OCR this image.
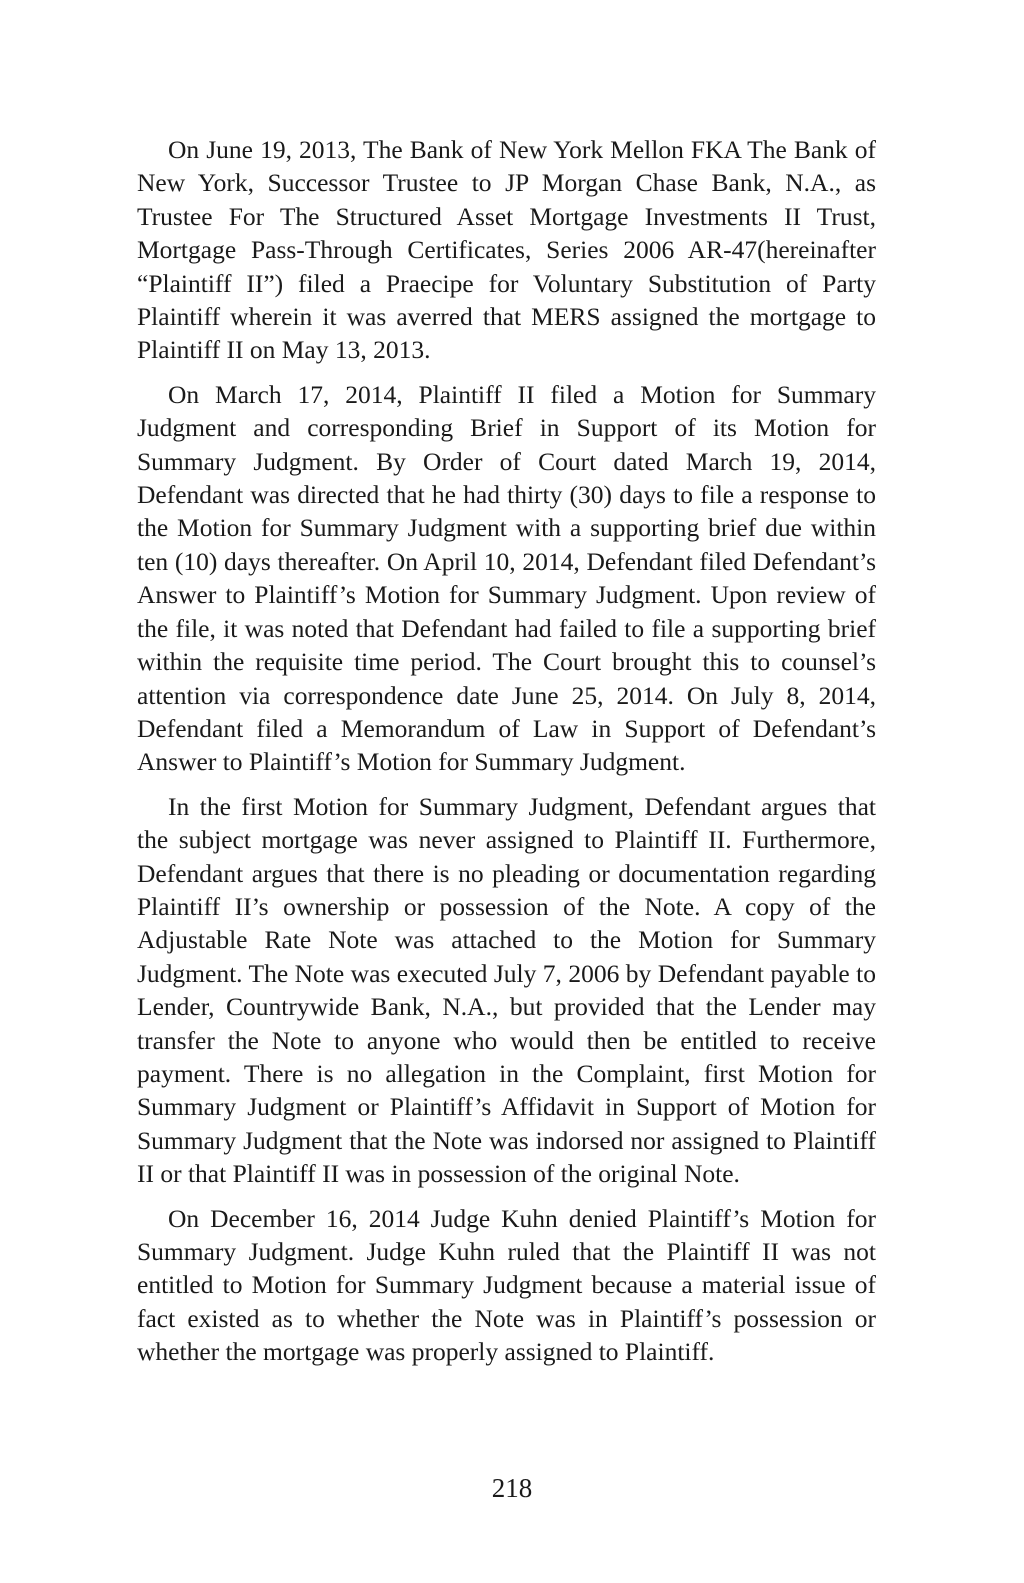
On June 19, 2013, The Bank of New York Mellon FKA The Bank of New York, Successor Trustee to JP Morgan Chase Bank, N.A., as Trustee For The Structured Asset Mortgage Investments II Trust, Mortgage Pass-Through Certificates, Series 2006 AR-47(hereinafter “Plaintiff II”) filed a Praecipe for Voluntary Substitution of Party Plaintiff wherein it was averred that MERS assigned the mortgage to Plaintiff II on May 13, 2013.

On March 17, 2014, Plaintiff II filed a Motion for Summary Judgment and corresponding Brief in Support of its Motion for Summary Judgment. By Order of Court dated March 19, 2014, Defendant was directed that he had thirty (30) days to file a response to the Motion for Summary Judgment with a supporting brief due within ten (10) days thereafter. On April 10, 2014, Defendant filed Defendant’s Answer to Plaintiff’s Motion for Summary Judgment. Upon review of the file, it was noted that Defendant had failed to file a supporting brief within the requisite time period. The Court brought this to counsel’s attention via correspondence date June 25, 2014. On July 8, 2014, Defendant filed a Memorandum of Law in Support of Defendant’s Answer to Plaintiff’s Motion for Summary Judgment.

In the first Motion for Summary Judgment, Defendant argues that the subject mortgage was never assigned to Plaintiff II. Furthermore, Defendant argues that there is no pleading or documentation regarding Plaintiff II’s ownership or possession of the Note. A copy of the Adjustable Rate Note was attached to the Motion for Summary Judgment. The Note was executed July 7, 2006 by Defendant payable to Lender, Countrywide Bank, N.A., but provided that the Lender may transfer the Note to anyone who would then be entitled to receive payment. There is no allegation in the Complaint, first Motion for Summary Judgment or Plaintiff’s Affidavit in Support of Motion for Summary Judgment that the Note was indorsed nor assigned to Plaintiff II or that Plaintiff II was in possession of the original Note.

On December 16, 2014 Judge Kuhn denied Plaintiff’s Motion for Summary Judgment. Judge Kuhn ruled that the Plaintiff II was not entitled to Motion for Summary Judgment because a material issue of fact existed as to whether the Note was in Plaintiff’s possession or whether the mortgage was properly assigned to Plaintiff.

218
